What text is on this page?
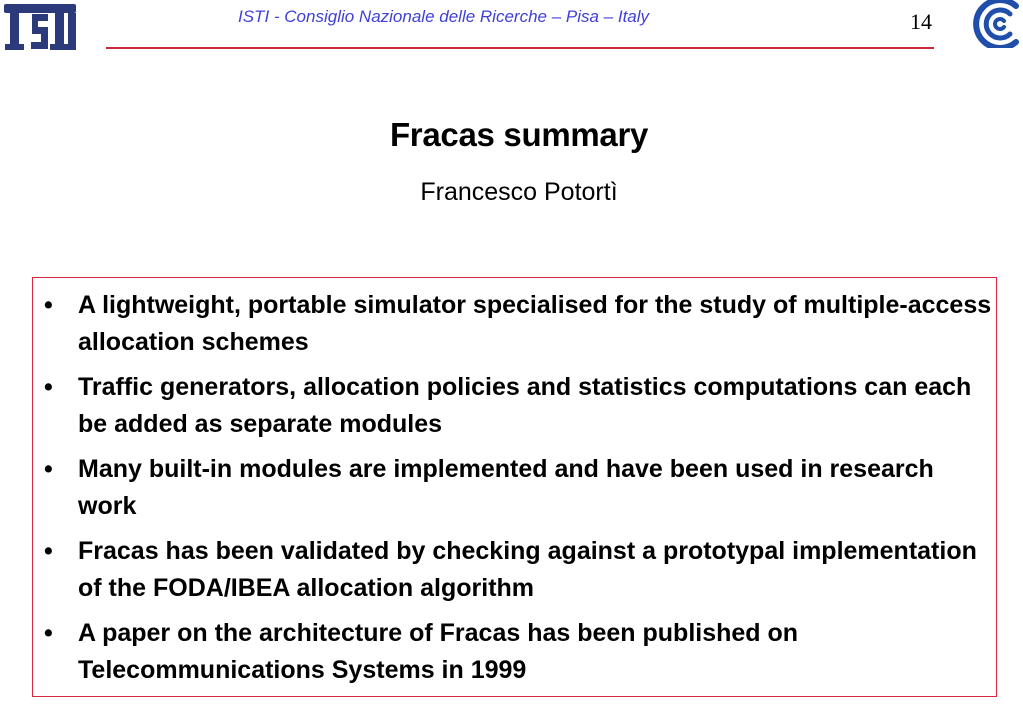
ISTI - Consiglio Nazionale delle Ricerche – Pisa – Italy	14
Fracas summary
Francesco Potortì
• A lightweight, portable simulator specialised for the study of multiple-access allocation schemes
• Traffic generators, allocation policies and statistics computations can each be added as separate modules
• Many built-in modules are implemented and have been used in research work
• Fracas has been validated by checking against a prototypal implementation of the FODA/IBEA allocation algorithm
• A paper on the architecture of Fracas has been published on Telecommunications Systems in 1999
